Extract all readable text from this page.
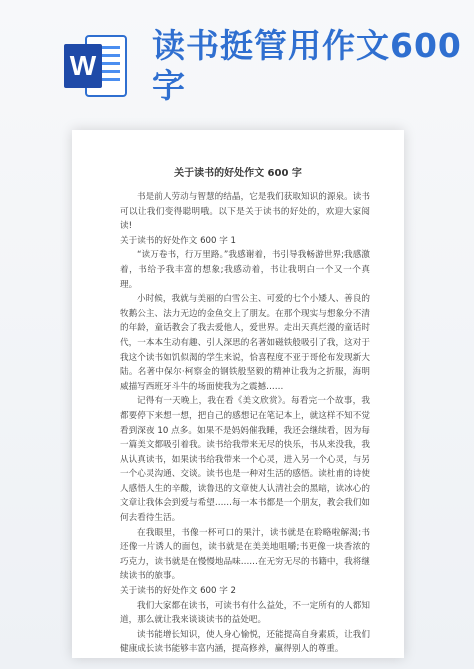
W
读书挺管用作文600字
关于读书的好处作文 600 字

书是前人劳动与智慧的结晶，它是我们获取知识的源泉。读书可以让我们变得聪明哦。以下是关于读书的好处的，欢迎大家阅读!

关于读书的好处作文 600 字 1

“读万卷书，行万里路。”我感谢着，书引导我畅游世界;我感激着，书给予我丰富的想象;我感动着，书让我明白一个又一个真理。

小时候，我就与美丽的白雪公主、可爱的七个小矮人、善良的牧鹅公主、法力无边的金鱼交上了朋友。在那个现实与想象分不清的年龄，童话教会了我去爱他人，爱世界。走出天真烂漫的童话时代，一本本生动有趣、引人深思的名著如磁铁般吸引了我，这对于我这个读书如饥似渴的学生来说，恰喜程度不亚于哥伦布发现新大陆。名著中保尔·柯察金的钢铁般坚毅的精神让我为之折服，海明威描写西班牙斗牛的场面使我为之震撼……

记得有一天晚上，我在看《美文欣赏》。每看完一个故事，我都要停下来想一想，把自己的感想记在笔记本上，就这样不知不觉看到深夜 10 点多。如果不是妈妈催我睡，我还会继续看，因为每一篇美文都吸引着我。读书给我带来无尽的快乐，书从来没我，我从认真读书，如果读书给我带来一个心灵，进入另一个心灵，与另一个心灵沟通、交谈。读书也是一种对生活的感悟。读杜甫的诗使人感悟人生的辛酸，读鲁迅的文章使人认清社会的黑暗，读冰心的文章让我体会到爱与希望……每一本书都是一个朋友，教会我们如何去看待生活。

在我眼里，书像一杯可口的果汁，读书就是在聆略啦解渴;书还像一片诱人的面包，读书就是在美美地咀嚼;书更像一块香浓的巧克力，读书就是在慢慢地品味……在无穷无尽的书籍中，我将继续读书的旅事。

关于读书的好处作文 600 字 2

我们大家都在读书，可读书有什么益处，不一定所有的人都知道，那么就让我来谈谈读书的益处吧。

读书能增长知识，使人身心愉悦，还能提高自身素质，让我们健康成长读书能够丰富内涵，提高修养，赢得别人的尊重。
